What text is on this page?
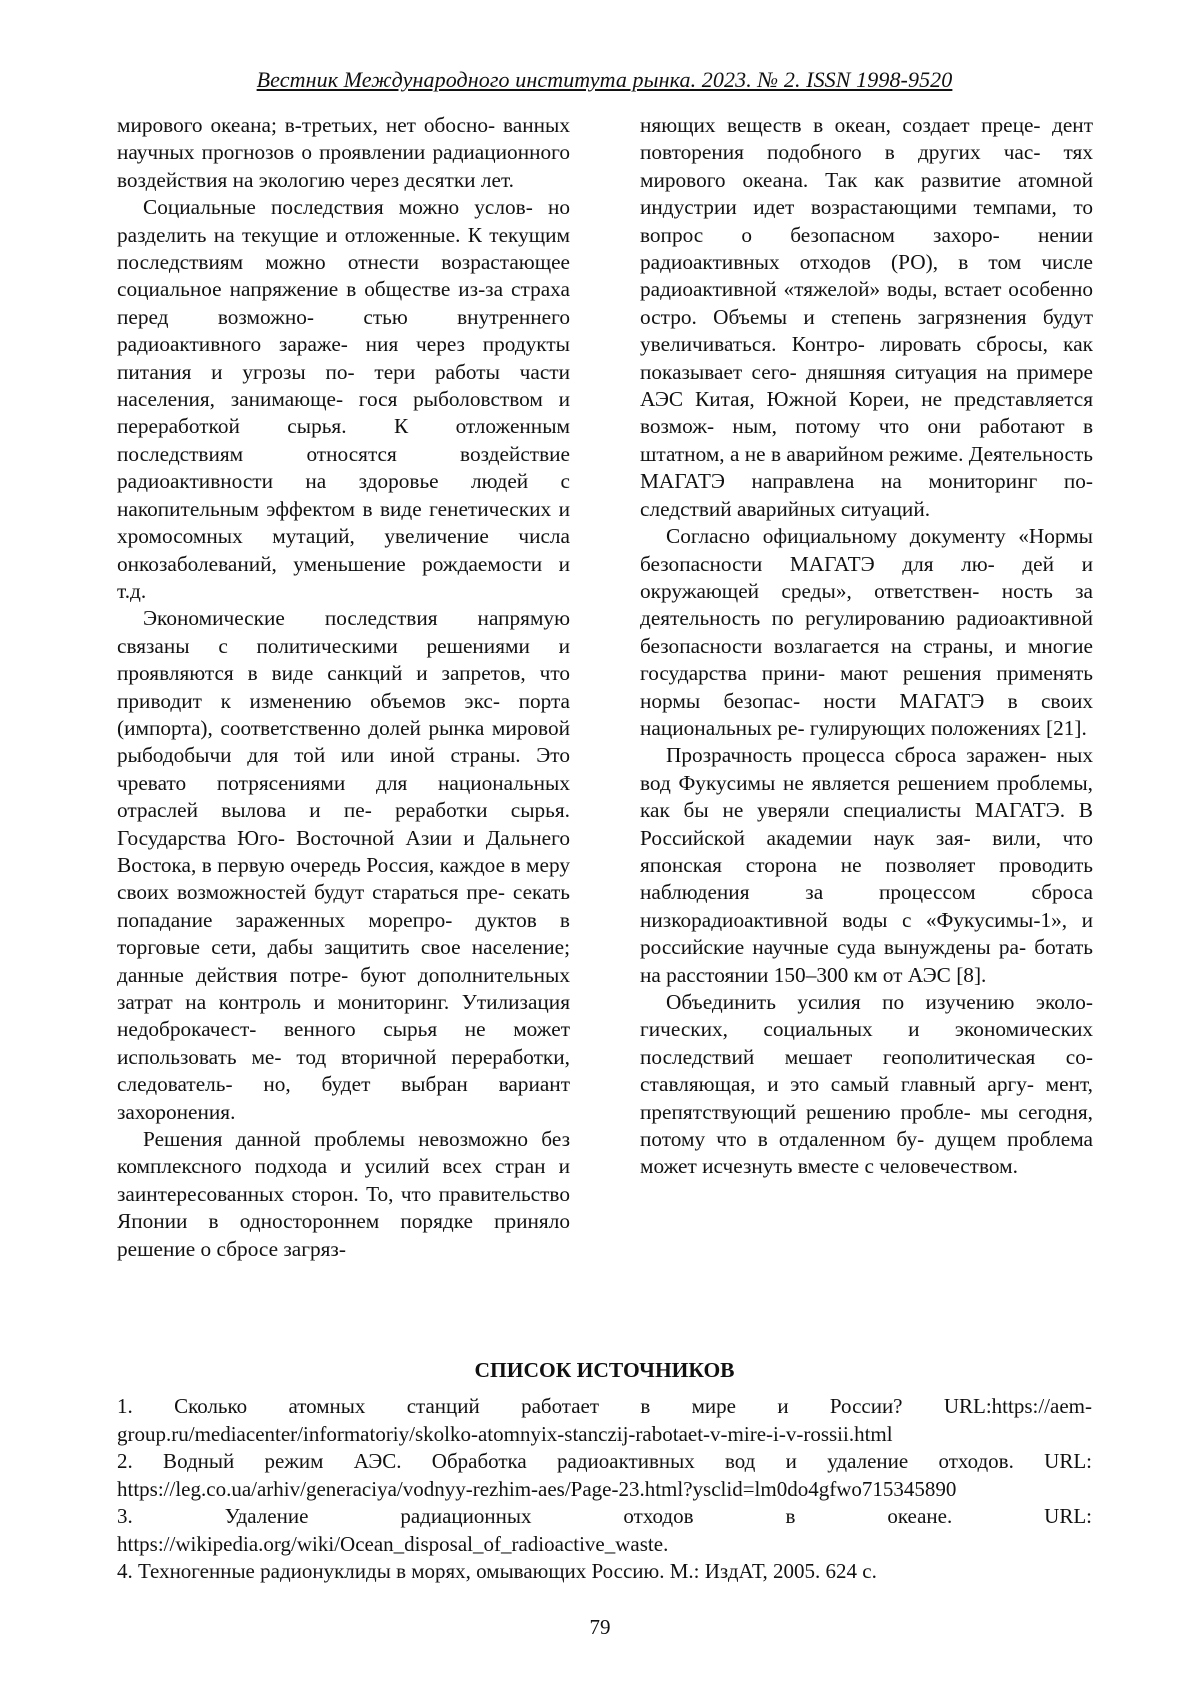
Вестник Международного института рынка. 2023. № 2. ISSN 1998-9520

мирового океана; в-третьих, нет обосно- ванных научных прогнозов о проявлении радиационного воздействия на экологию через десятки лет.

Социальные последствия можно услов- но разделить на текущие и отложенные. К текущим последствиям можно отнести возрастающее социальное напряжение в обществе из-за страха перед возможно- стью внутреннего радиоактивного зараже- ния через продукты питания и угрозы по- тери работы части населения, занимающе- гося рыболовством и переработкой сырья. К отложенным последствиям относятся воздействие радиоактивности на здоровье людей с накопительным эффектом в виде генетических и хромосомных мутаций, увеличение числа онкозаболеваний, уменьшение рождаемости и т.д.

Экономические последствия напрямую связаны с политическими решениями и проявляются в виде санкций и запретов, что приводит к изменению объемов экс- порта (импорта), соответственно долей рынка мировой рыбодобычи для той или иной страны. Это чревато потрясениями для национальных отраслей вылова и пе- реработки сырья. Государства Юго- Восточной Азии и Дальнего Востока, в первую очередь Россия, каждое в меру своих возможностей будут стараться пре- секать попадание зараженных морепро- дуктов в торговые сети, дабы защитить свое население; данные действия потре- буют дополнительных затрат на контроль и мониторинг. Утилизация недоброкачест- венного сырья не может использовать ме- тод вторичной переработки, следователь- но, будет выбран вариант захоронения.

Решения данной проблемы невозможно без комплексного подхода и усилий всех стран и заинтересованных сторон. То, что правительство Японии в одностороннем порядке приняло решение о сбросе загряз-

няющих веществ в океан, создает преце- дент повторения подобного в других час- тях мирового океана. Так как развитие атомной индустрии идет возрастающими темпами, то вопрос о безопасном захоро- нении радиоактивных отходов (РО), в том числе радиоактивной «тяжелой» воды, встает особенно остро. Объемы и степень загрязнения будут увеличиваться. Контро- лировать сбросы, как показывает сего- дняшняя ситуация на примере АЭС Китая, Южной Кореи, не представляется возмож- ным, потому что они работают в штатном, а не в аварийном режиме. Деятельность МАГАТЭ направлена на мониторинг по- следствий аварийных ситуаций.

Согласно официальному документу «Нормы безопасности МАГАТЭ для лю- дей и окружающей среды», ответствен- ность за деятельность по регулированию радиоактивной безопасности возлагается на страны, и многие государства прини- мают решения применять нормы безопас- ности МАГАТЭ в своих национальных ре- гулирующих положениях [21].

Прозрачность процесса сброса заражен- ных вод Фукусимы не является решением проблемы, как бы не уверяли специалисты МАГАТЭ. В Российской академии наук зая- вили, что японская сторона не позволяет проводить наблюдения за процессом сброса низкорадиоактивной воды с «Фукусимы-1», и российские научные суда вынуждены ра- ботать на расстоянии 150–300 км от АЭС [8].

Объединить усилия по изучению эколо- гических, социальных и экономических последствий мешает геополитическая со- ставляющая, и это самый главный аргу- мент, препятствующий решению пробле- мы сегодня, потому что в отдаленном бу- дущем проблема может исчезнуть вместе с человечеством.

СПИСОК ИСТОЧНИКОВ

1. Сколько атомных станций работает в мире и России? URL:https://aem-group.ru/mediacenter/informatoriy/skolko-atomnyix-stanczij-rabotaet-v-mire-i-v-rossii.html

2. Водный режим АЭС. Обработка радиоактивных вод и удаление отходов. URL: https://leg.co.ua/arhiv/generaciya/vodnyy-rezhim-aes/Page-23.html?ysclid=lm0do4gfwo715345890

3. Удаление радиационных отходов в океане. URL: https://wikipedia.org/wiki/Ocean_disposal_of_radioactive_waste.

4. Техногенные радионуклиды в морях, омывающих Россию. М.: ИздАТ, 2005. 624 с.

79
